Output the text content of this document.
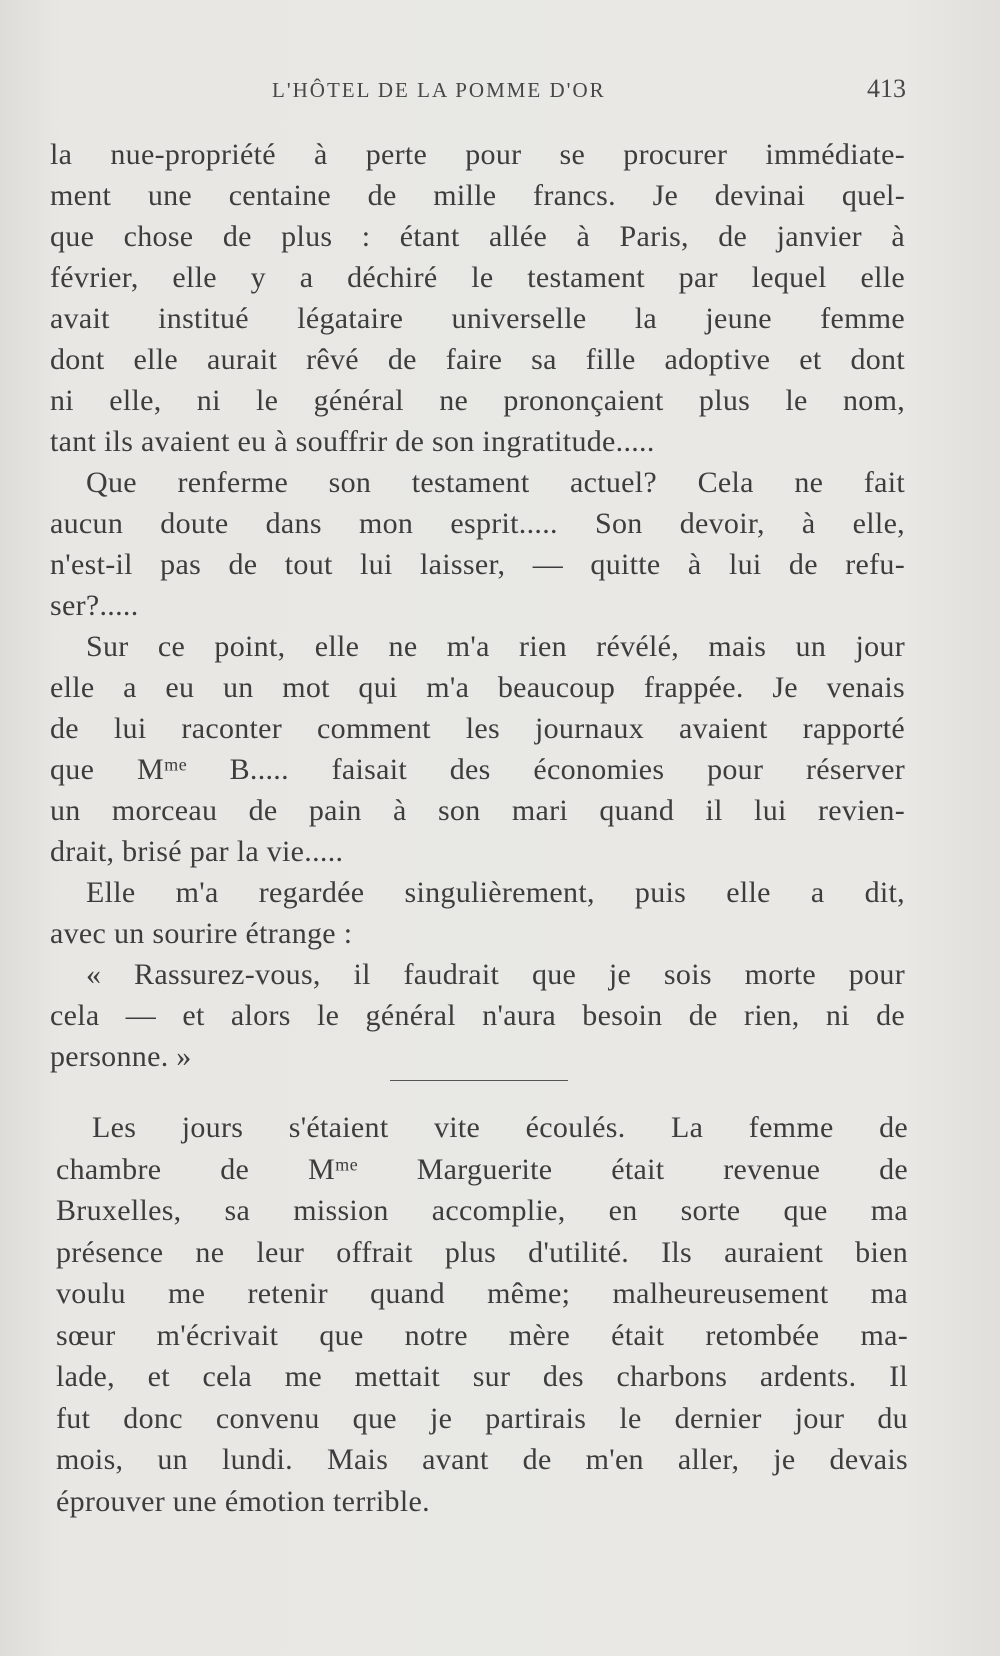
L'HÔTEL DE LA POMME D'OR	413
la nue-propriété à perte pour se procurer immédiate-
ment une centaine de mille francs. Je devinai quel-
que chose de plus : étant allée à Paris, de janvier à
février, elle y a déchiré le testament par lequel elle
avait institué légataire universelle la jeune femme
dont elle aurait rêvé de faire sa fille adoptive et dont
ni elle, ni le général ne prononçaient plus le nom,
tant ils avaient eu à souffrir de son ingratitude.....
Que renferme son testament actuel? Cela ne fait
aucun doute dans mon esprit..... Son devoir, à elle,
n'est-il pas de tout lui laisser, — quitte à lui de refu-
ser?.....
Sur ce point, elle ne m'a rien révélé, mais un jour
elle a eu un mot qui m'a beaucoup frappée. Je venais
de lui raconter comment les journaux avaient rapporté
que Mᵐᵉ B..... faisait des économies pour réserver
un morceau de pain à son mari quand il lui revien-
drait, brisé par la vie.....
Elle m'a regardée singulièrement, puis elle a dit,
avec un sourire étrange :
« Rassurez-vous, il faudrait que je sois morte pour
cela — et alors le général n'aura besoin de rien, ni de
personne. »
Les jours s'étaient vite écoulés. La femme de
chambre de Mᵐᵉ Marguerite était revenue de
Bruxelles, sa mission accomplie, en sorte que ma
présence ne leur offrait plus d'utilité. Ils auraient bien
voulu me retenir quand même; malheureusement ma
sœur m'écrivait que notre mère était retombée ma-
lade, et cela me mettait sur des charbons ardents. Il
fut donc convenu que je partirais le dernier jour du
mois, un lundi. Mais avant de m'en aller, je devais
éprouver une émotion terrible.
